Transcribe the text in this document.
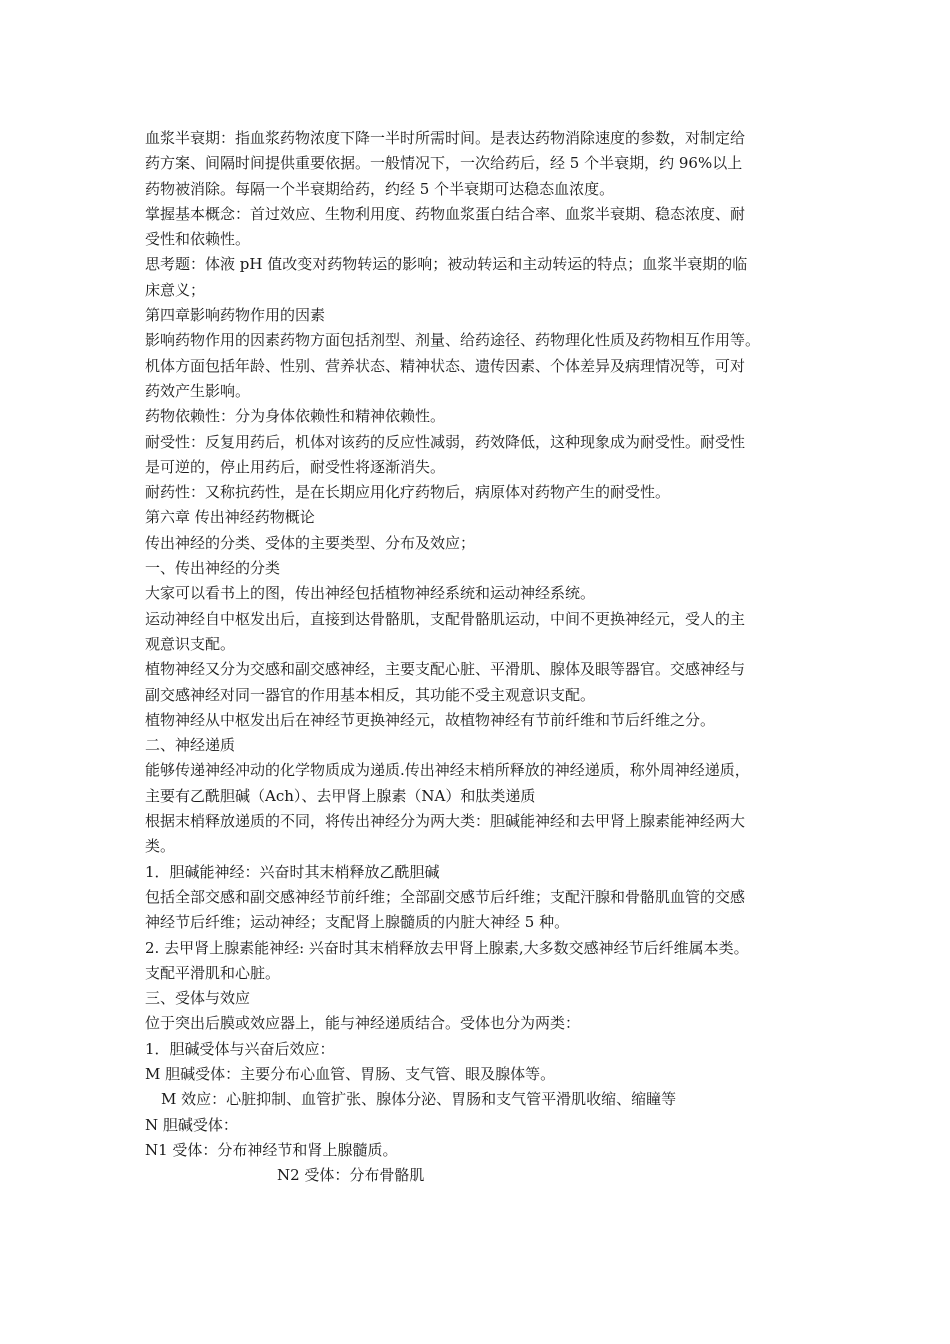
血浆半衰期：指血浆药物浓度下降一半时所需时间。是表达药物消除速度的参数，对制定给
药方案、间隔时间提供重要依据。一般情况下，一次给药后，经 5 个半衰期，约 96%以上
药物被消除。每隔一个半衰期给药，约经 5 个半衰期可达稳态血浓度。
掌握基本概念：首过效应、生物利用度、药物血浆蛋白结合率、血浆半衰期、稳态浓度、耐
受性和依赖性。
思考题：体液 pH 值改变对药物转运的影响；被动转运和主动转运的特点；血浆半衰期的临
床意义；
第四章影响药物作用的因素
影响药物作用的因素药物方面包括剂型、剂量、给药途径、药物理化性质及药物相互作用等。
机体方面包括年龄、性别、营养状态、精神状态、遗传因素、个体差异及病理情况等，可对
药效产生影响。
药物依赖性：分为身体依赖性和精神依赖性。
耐受性：反复用药后，机体对该药的反应性减弱，药效降低，这种现象成为耐受性。耐受性
是可逆的，停止用药后，耐受性将逐渐消失。
耐药性：又称抗药性，是在长期应用化疗药物后，病原体对药物产生的耐受性。
第六章 传出神经药物概论
传出神经的分类、受体的主要类型、分布及效应；
一、传出神经的分类
大家可以看书上的图，传出神经包括植物神经系统和运动神经系统。
运动神经自中枢发出后，直接到达骨骼肌，支配骨骼肌运动，中间不更换神经元，受人的主
观意识支配。
植物神经又分为交感和副交感神经，主要支配心脏、平滑肌、腺体及眼等器官。交感神经与
副交感神经对同一器官的作用基本相反，其功能不受主观意识支配。
植物神经从中枢发出后在神经节更换神经元，故植物神经有节前纤维和节后纤维之分。
二、神经递质
能够传递神经冲动的化学物质成为递质.传出神经末梢所释放的神经递质，称外周神经递质，
主要有乙酰胆碱（Ach）、去甲肾上腺素（NA）和肽类递质
根据末梢释放递质的不同，将传出神经分为两大类：胆碱能神经和去甲肾上腺素能神经两大
类。
1．胆碱能神经：兴奋时其末梢释放乙酰胆碱
包括全部交感和副交感神经节前纤维；全部副交感节后纤维；支配汗腺和骨骼肌血管的交感
神经节后纤维；运动神经；支配肾上腺髓质的内脏大神经 5 种。
2. 去甲肾上腺素能神经: 兴奋时其末梢释放去甲肾上腺素,大多数交感神经节后纤维属本类。
支配平滑肌和心脏。
三、受体与效应
位于突出后膜或效应器上，能与神经递质结合。受体也分为两类：
1．胆碱受体与兴奋后效应：
M 胆碱受体：主要分布心血管、胃肠、支气管、眼及腺体等。
M 效应：心脏抑制、血管扩张、腺体分泌、胃肠和支气管平滑肌收缩、缩瞳等
N 胆碱受体：
N1 受体：分布神经节和肾上腺髓质。
N2 受体：分布骨骼肌
